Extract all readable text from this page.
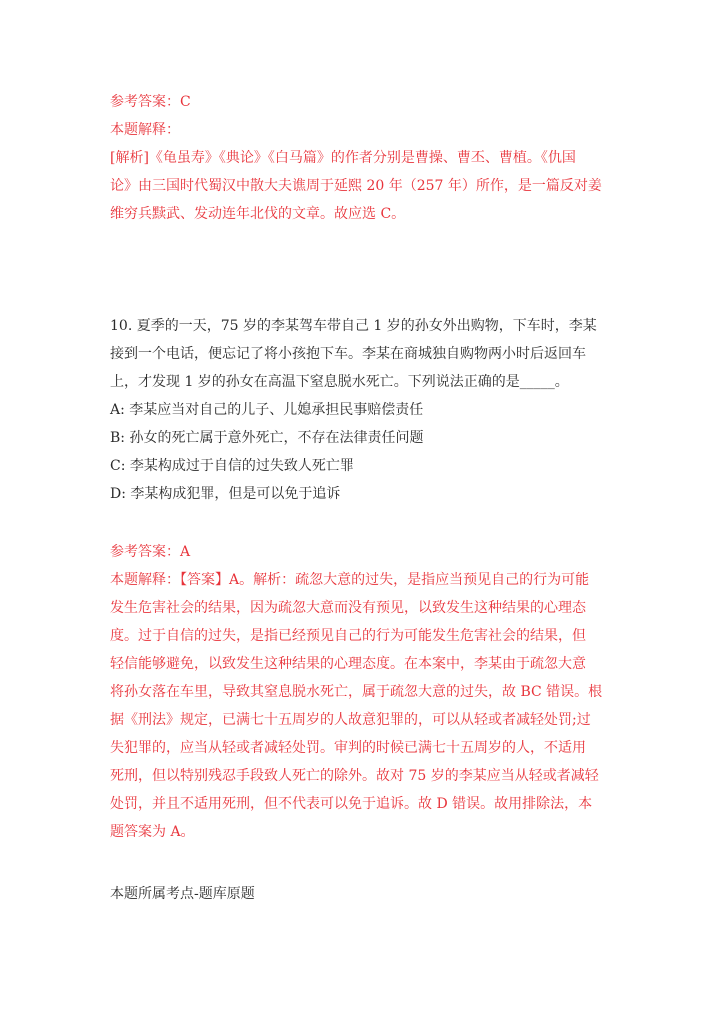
参考答案：C
本题解释：
[解析]《龟虽寿》《典论》《白马篇》的作者分别是曹操、曹丕、曹植。《仇国
论》由三国时代蜀汉中散大夫谯周于延熙 20 年（257 年）所作，是一篇反对姜
维穷兵黩武、发动连年北伐的文章。故应选 C。
10. 夏季的一天，75 岁的李某驾车带自己 1 岁的孙女外出购物，下车时，李某
接到一个电话，便忘记了将小孩抱下车。李某在商城独自购物两小时后返回车
上，才发现 1 岁的孙女在高温下窒息脱水死亡。下列说法正确的是_____。
A: 李某应当对自己的儿子、儿媳承担民事赔偿责任
B: 孙女的死亡属于意外死亡，不存在法律责任问题
C: 李某构成过于自信的过失致人死亡罪
D: 李某构成犯罪，但是可以免于追诉
参考答案：A
本题解释：【答案】A。解析：疏忽大意的过失，是指应当预见自己的行为可能
发生危害社会的结果，因为疏忽大意而没有预见，以致发生这种结果的心理态
度。过于自信的过失，是指已经预见自己的行为可能发生危害社会的结果，但
轻信能够避免，以致发生这种结果的心理态度。在本案中，李某由于疏忽大意
将孙女落在车里，导致其窒息脱水死亡，属于疏忽大意的过失，故 BC 错误。根
据《刑法》规定，已满七十五周岁的人故意犯罪的，可以从轻或者减轻处罚;过
失犯罪的，应当从轻或者减轻处罚。审判的时候已满七十五周岁的人，不适用
死刑，但以特别残忍手段致人死亡的除外。故对 75 岁的李某应当从轻或者减轻
处罚，并且不适用死刑，但不代表可以免于追诉。故 D 错误。故用排除法，本
题答案为 A。
本题所属考点-题库原题
